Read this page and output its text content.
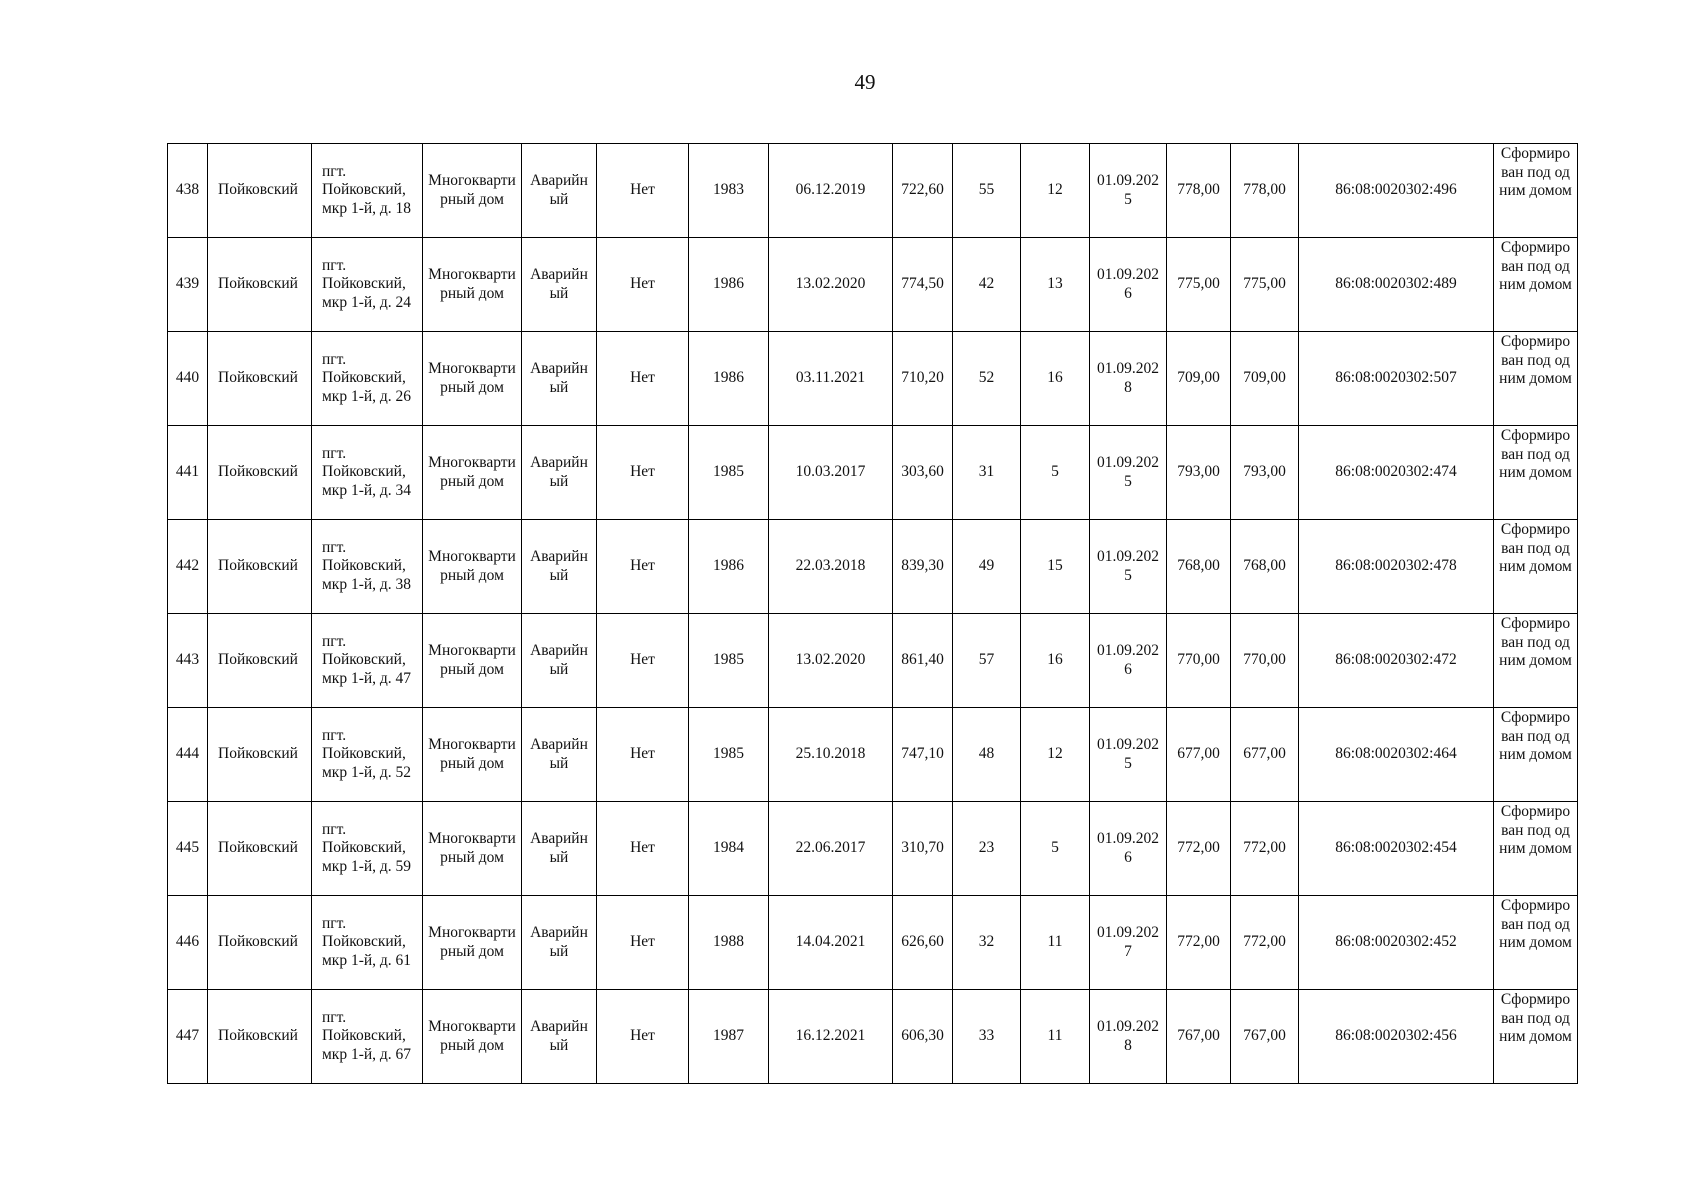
49
438	Пойковский	пгт. Пойковский, мкр 1-й, д. 18	Многоквартирный дом	Аварийный	Нет	1983	06.12.2019	722,60	55	12	01.09.2025	778,00	778,00	86:08:0020302:496	Сформирован под одним домом
439	Пойковский	пгт. Пойковский, мкр 1-й, д. 24	Многоквартирный дом	Аварийный	Нет	1986	13.02.2020	774,50	42	13	01.09.2026	775,00	775,00	86:08:0020302:489	Сформирован под одним домом
440	Пойковский	пгт. Пойковский, мкр 1-й, д. 26	Многоквартирный дом	Аварийный	Нет	1986	03.11.2021	710,20	52	16	01.09.2028	709,00	709,00	86:08:0020302:507	Сформирован под одним домом
441	Пойковский	пгт. Пойковский, мкр 1-й, д. 34	Многоквартирный дом	Аварийный	Нет	1985	10.03.2017	303,60	31	5	01.09.2025	793,00	793,00	86:08:0020302:474	Сформирован под одним домом
442	Пойковский	пгт. Пойковский, мкр 1-й, д. 38	Многоквартирный дом	Аварийный	Нет	1986	22.03.2018	839,30	49	15	01.09.2025	768,00	768,00	86:08:0020302:478	Сформирован под одним домом
443	Пойковский	пгт. Пойковский, мкр 1-й, д. 47	Многоквартирный дом	Аварийный	Нет	1985	13.02.2020	861,40	57	16	01.09.2026	770,00	770,00	86:08:0020302:472	Сформирован под одним домом
444	Пойковский	пгт. Пойковский, мкр 1-й, д. 52	Многоквартирный дом	Аварийный	Нет	1985	25.10.2018	747,10	48	12	01.09.2025	677,00	677,00	86:08:0020302:464	Сформирован под одним домом
445	Пойковский	пгт. Пойковский, мкр 1-й, д. 59	Многоквартирный дом	Аварийный	Нет	1984	22.06.2017	310,70	23	5	01.09.2026	772,00	772,00	86:08:0020302:454	Сформирован под одним домом
446	Пойковский	пгт. Пойковский, мкр 1-й, д. 61	Многоквартирный дом	Аварийный	Нет	1988	14.04.2021	626,60	32	11	01.09.2027	772,00	772,00	86:08:0020302:452	Сформирован под одним домом
447	Пойковский	пгт. Пойковский, мкр 1-й, д. 67	Многоквартирный дом	Аварийный	Нет	1987	16.12.2021	606,30	33	11	01.09.2028	767,00	767,00	86:08:0020302:456	Сформирован под одним домом
